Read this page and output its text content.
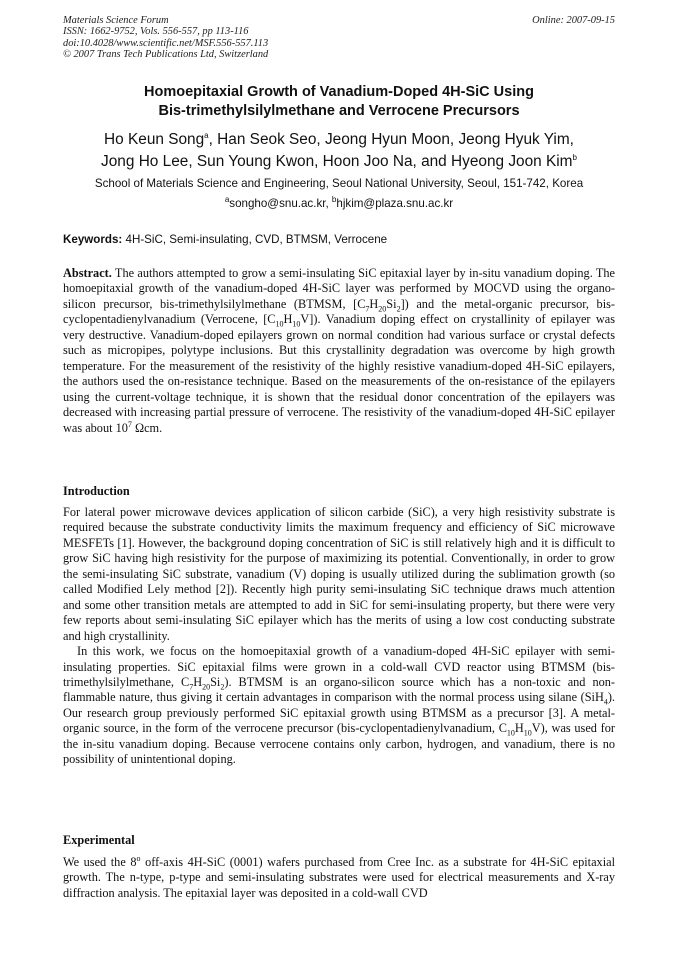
Materials Science Forum
ISSN: 1662-9752, Vols. 556-557, pp 113-116
doi:10.4028/www.scientific.net/MSF.556-557.113
© 2007 Trans Tech Publications Ltd, Switzerland
Online: 2007-09-15
Homoepitaxial Growth of Vanadium-Doped 4H-SiC Using
Bis-trimethylsilylmethane and Verrocene Precursors
Ho Keun Song$^a$, Han Seok Seo, Jeong Hyun Moon, Jeong Hyuk Yim,
Jong Ho Lee, Sun Young Kwon, Hoon Joo Na, and Hyeong Joon Kim$^b$
School of Materials Science and Engineering, Seoul National University, Seoul, 151-742, Korea
$^a$songho@snu.ac.kr, $^b$hjkim@plaza.snu.ac.kr
Keywords: 4H-SiC, Semi-insulating, CVD, BTMSM, Verrocene
Abstract. The authors attempted to grow a semi-insulating SiC epitaxial layer by in-situ vanadium doping. The homoepitaxial growth of the vanadium-doped 4H-SiC layer was performed by MOCVD using the organo-silicon precursor, bis-trimethylsilylmethane (BTMSM, $[C_7H_{20}Si_2]$) and the metal-organic precursor, bis-cyclopentadienylvanadium (Verrocene, $[C_{10}H_{10}V]$). Vanadium doping effect on crystallinity of epilayer was very destructive. Vanadium-doped epilayers grown on normal condition had various surface or crystal defects such as micropipes, polytype inclusions. But this crystallinity degradation was overcome by high growth temperature. For the measurement of the resistivity of the highly resistive vanadium-doped 4H-SiC epilayers, the authors used the on-resistance technique. Based on the measurements of the on-resistance of the epilayers using the current-voltage technique, it is shown that the residual donor concentration of the epilayers was decreased with increasing partial pressure of verrocene. The resistivity of the vanadium-doped 4H-SiC epilayer was about $10^7$ Ωcm.
Introduction

For lateral power microwave devices application of silicon carbide (SiC), a very high resistivity substrate is required because the substrate conductivity limits the maximum frequency and efficiency of SiC microwave MESFETs [1]. However, the background doping concentration of SiC is still relatively high and it is difficult to grow SiC having high resistivity for the purpose of maximizing its potential. Conventionally, in order to grow the semi-insulating SiC substrate, vanadium (V) doping is usually utilized during the sublimation growth (so called Modified Lely method [2]). Recently high purity semi-insulating SiC technique draws much attention and some other transition metals are attempted to add in SiC for semi-insulating property, but there were very few reports about semi-insulating SiC epilayer which has the merits of using a low cost conducting substrate and high crystallinity.

In this work, we focus on the homoepitaxial growth of a vanadium-doped 4H-SiC epilayer with semi-insulating properties. SiC epitaxial films were grown in a cold-wall CVD reactor using BTMSM (bis-trimethylsilylmethane, $C_7H_{20}Si_2$). BTMSM is an organo-silicon source which has a non-toxic and non-flammable nature, thus giving it certain advantages in comparison with the normal process using silane (SiH$_4$). Our research group previously performed SiC epitaxial growth using BTMSM as a precursor [3]. A metal-organic source, in the form of the verrocene precursor (bis-cyclopentadienylvanadium, $C_{10}H_{10}V$), was used for the in-situ vanadium doping. Because verrocene contains only carbon, hydrogen, and vanadium, there is no possibility of unintentional doping.

Experimental
We used the 8$^o$ off-axis 4H-SiC (0001) wafers purchased from Cree Inc. as a substrate for 4H-SiC epitaxial growth. The n-type, p-type and semi-insulating substrates were used for electrical measurements and X-ray diffraction analysis. The epitaxial layer was deposited in a cold-wall CVD
